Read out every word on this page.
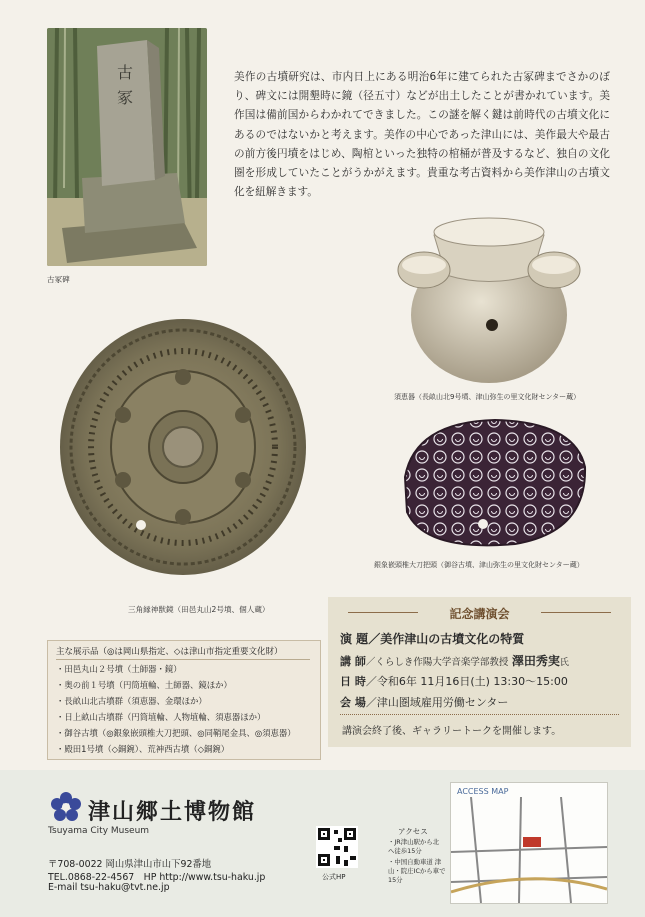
古
冢
古冢碑
美作の古墳研究は、市内日上にある明治6年に建てられた古冢碑までさかのぼり、碑文には開墾時に鏡（径五寸）などが出土したことが書かれています。美作国は備前国からわかれてできました。この謎を解く鍵は前時代の古墳文化にあるのではないかと考えます。美作の中心であった津山には、美作最大や最古の前方後円墳をはじめ、陶棺といった独特の棺桶が普及するなど、独自の文化圏を形成していたことがうかがえます。貴重な考古資料から美作津山の古墳文化を紐解きます。
須恵器（長畝山北9号墳、津山弥生の里文化財センター蔵）
三角縁神獣鏡（田邑丸山2号墳、個人蔵）
銀象嵌頭椎大刀把頭（御谷古墳、津山弥生の里文化財センター蔵）
記念講演会
演 題／美作津山の古墳文化の特質
講 師／くらしき作陽大学音楽学部教授 澤田秀実氏
日 時／令和6年 11月16日(土) 13:30～15:00
会 場／津山圏域雇用労働センター
講演会終了後、ギャラリートークを開催します。
主な展示品（◎は岡山県指定、◇は津山市指定重要文化財）
・田邑丸山２号墳（土師器・鏡）
・奥の前１号墳（円筒埴輪、土師器、鏡ほか）
・長畝山北古墳群（須恵器、金環ほか）
・日上畝山古墳群（円筒埴輪、人物埴輪、須恵器ほか）
・御谷古墳（◎銀象嵌頭椎大刀把頭、◎同鞘尾金具、◎須恵器）
・殿田1号墳（◇銅鋺）、荒神西古墳（◇銅鋺）
津山郷土博物館
Tsuyama City Museum
〒708-0022 岡山県津山市山下92番地
TEL.0868-22-4567　HP http://www.tsu-haku.jp
E-mail tsu-haku@tvt.ne.jp
公式HP
アクセス
・JR津山駅から北へ徒歩15分
・中国自動車道 津山・院庄ICから車で15分
ACCESS MAP
